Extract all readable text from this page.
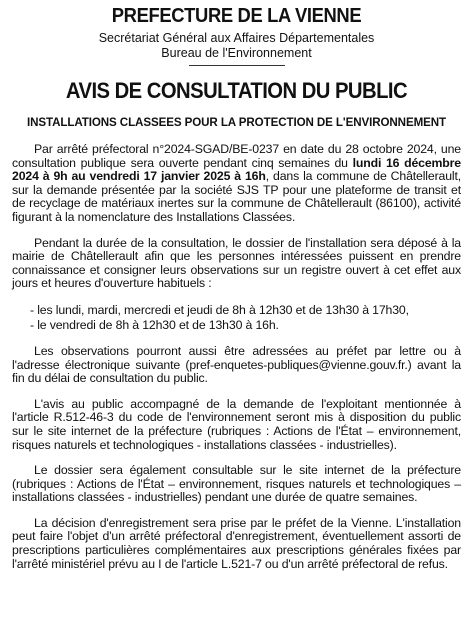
PREFECTURE DE LA VIENNE
Secrétariat Général aux Affaires Départementales
Bureau de l'Environnement
AVIS DE CONSULTATION DU PUBLIC
INSTALLATIONS CLASSEES POUR LA PROTECTION DE L'ENVIRONNEMENT

Par arrêté préfectoral n°2024-SGAD/BE-0237 en date du 28 octobre 2024, une consultation publique sera ouverte pendant cinq semaines du lundi 16 décembre 2024 à 9h au vendredi 17 janvier 2025 à 16h, dans la commune de Châtellerault, sur la demande présentée par la société SJS TP pour une plateforme de transit et de recyclage de matériaux inertes sur la commune de Châtellerault (86100), activité figurant à la nomenclature des Installations Classées.

Pendant la durée de la consultation, le dossier de l'installation sera déposé à la mairie de Châtellerault afin que les personnes intéressées puissent en prendre connaissance et consigner leurs observations sur un registre ouvert à cet effet aux jours et heures d'ouverture habituels :

- les lundi, mardi, mercredi et jeudi de 8h à 12h30 et de 13h30 à 17h30,
- le vendredi de 8h à 12h30 et de 13h30 à 16h.

Les observations pourront aussi être adressées au préfet par lettre ou à l'adresse électronique suivante (pref-enquetes-publiques@vienne.gouv.fr.) avant la fin du délai de consultation du public.

L'avis au public accompagné de la demande de l'exploitant mentionnée à l'article R.512-46-3 du code de l'environnement seront mis à disposition du public sur le site internet de la préfecture (rubriques : Actions de l'État – environnement, risques naturels et technologiques - installations classées - industrielles).

Le dossier sera également consultable sur le site internet de la préfecture (rubriques : Actions de l'État – environnement, risques naturels et technologiques – installations classées - industrielles) pendant une durée de quatre semaines.

La décision d'enregistrement sera prise par le préfet de la Vienne. L'installation peut faire l'objet d'un arrêté préfectoral d'enregistrement, éventuellement assorti de prescriptions particulières complémentaires aux prescriptions générales fixées par l'arrêté ministériel prévu au I de l'article L.521-7 ou d'un arrêté préfectoral de refus.
